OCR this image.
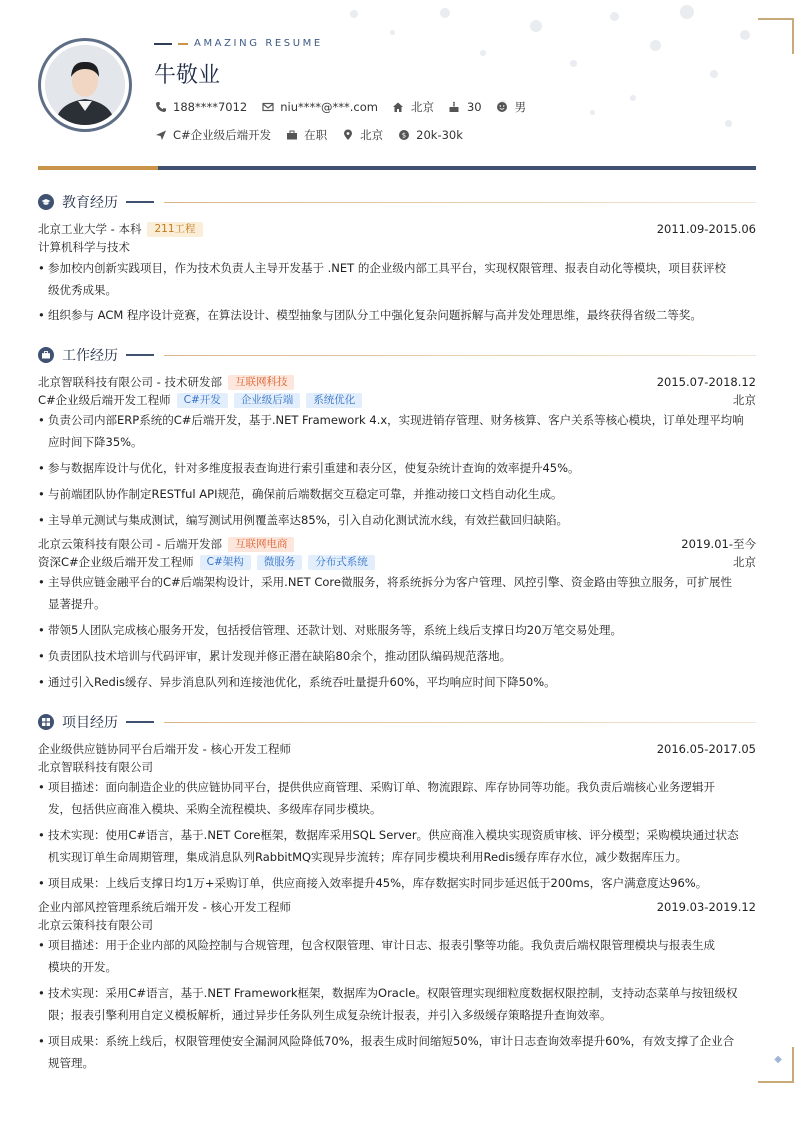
◆
AMAZING RESUME
牛敬业
188****7012	niu****@***.com	北京	30	男
C#企业级后端开发	在职	北京	$ 20k-30k
教育经历
北京工业大学 - 本科	211工程	2011.09-2015.06
计算机科学与技术
• 参加校内创新实践项目，作为技术负责人主导开发基于 .NET 的企业级内部工具平台，实现权限管理、报表自动化等模块，项目获评校
级优秀成果。
• 组织参与 ACM 程序设计竞赛，在算法设计、模型抽象与团队分工中强化复杂问题拆解与高并发处理思维，最终获得省级二等奖。
工作经历
北京智联科技有限公司 - 技术研发部	互联网科技	2015.07-2018.12
C#企业级后端开发工程师	C#开发	企业级后端	系统优化	北京
• 负责公司内部ERP系统的C#后端开发，基于.NET Framework 4.x，实现进销存管理、财务核算、客户关系等核心模块，订单处理平均响
应时间下降35%。
• 参与数据库设计与优化，针对多维度报表查询进行索引重建和表分区，使复杂统计查询的效率提升45%。
• 与前端团队协作制定RESTful API规范，确保前后端数据交互稳定可靠，并推动接口文档自动化生成。
• 主导单元测试与集成测试，编写测试用例覆盖率达85%，引入自动化测试流水线，有效拦截回归缺陷。
北京云策科技有限公司 - 后端开发部	互联网电商	2019.01-至今
资深C#企业级后端开发工程师	C#架构	微服务	分布式系统	北京
• 主导供应链金融平台的C#后端架构设计，采用.NET Core微服务，将系统拆分为客户管理、风控引擎、资金路由等独立服务，可扩展性
显著提升。
• 带领5人团队完成核心服务开发，包括授信管理、还款计划、对账服务等，系统上线后支撑日均20万笔交易处理。
• 负责团队技术培训与代码评审，累计发现并修正潜在缺陷80余个，推动团队编码规范落地。
• 通过引入Redis缓存、异步消息队列和连接池优化，系统吞吐量提升60%，平均响应时间下降50%。
项目经历
企业级供应链协同平台后端开发 - 核心开发工程师	2016.05-2017.05
北京智联科技有限公司
• 项目描述：面向制造企业的供应链协同平台，提供供应商管理、采购订单、物流跟踪、库存协同等功能。我负责后端核心业务逻辑开
发，包括供应商准入模块、采购全流程模块、多级库存同步模块。
• 技术实现：使用C#语言，基于.NET Core框架，数据库采用SQL Server。供应商准入模块实现资质审核、评分模型；采购模块通过状态
机实现订单生命周期管理，集成消息队列RabbitMQ实现异步流转；库存同步模块利用Redis缓存库存水位，减少数据库压力。
• 项目成果：上线后支撑日均1万+采购订单，供应商接入效率提升45%，库存数据实时同步延迟低于200ms，客户满意度达96%。
企业内部风控管理系统后端开发 - 核心开发工程师	2019.03-2019.12
北京云策科技有限公司
• 项目描述：用于企业内部的风险控制与合规管理，包含权限管理、审计日志、报表引擎等功能。我负责后端权限管理模块与报表生成
模块的开发。
• 技术实现：采用C#语言，基于.NET Framework框架，数据库为Oracle。权限管理实现细粒度数据权限控制，支持动态菜单与按钮级权
限；报表引擎利用自定义模板解析，通过异步任务队列生成复杂统计报表，并引入多级缓存策略提升查询效率。
• 项目成果：系统上线后，权限管理使安全漏洞风险降低70%，报表生成时间缩短50%，审计日志查询效率提升60%，有效支撑了企业合
规管理。
